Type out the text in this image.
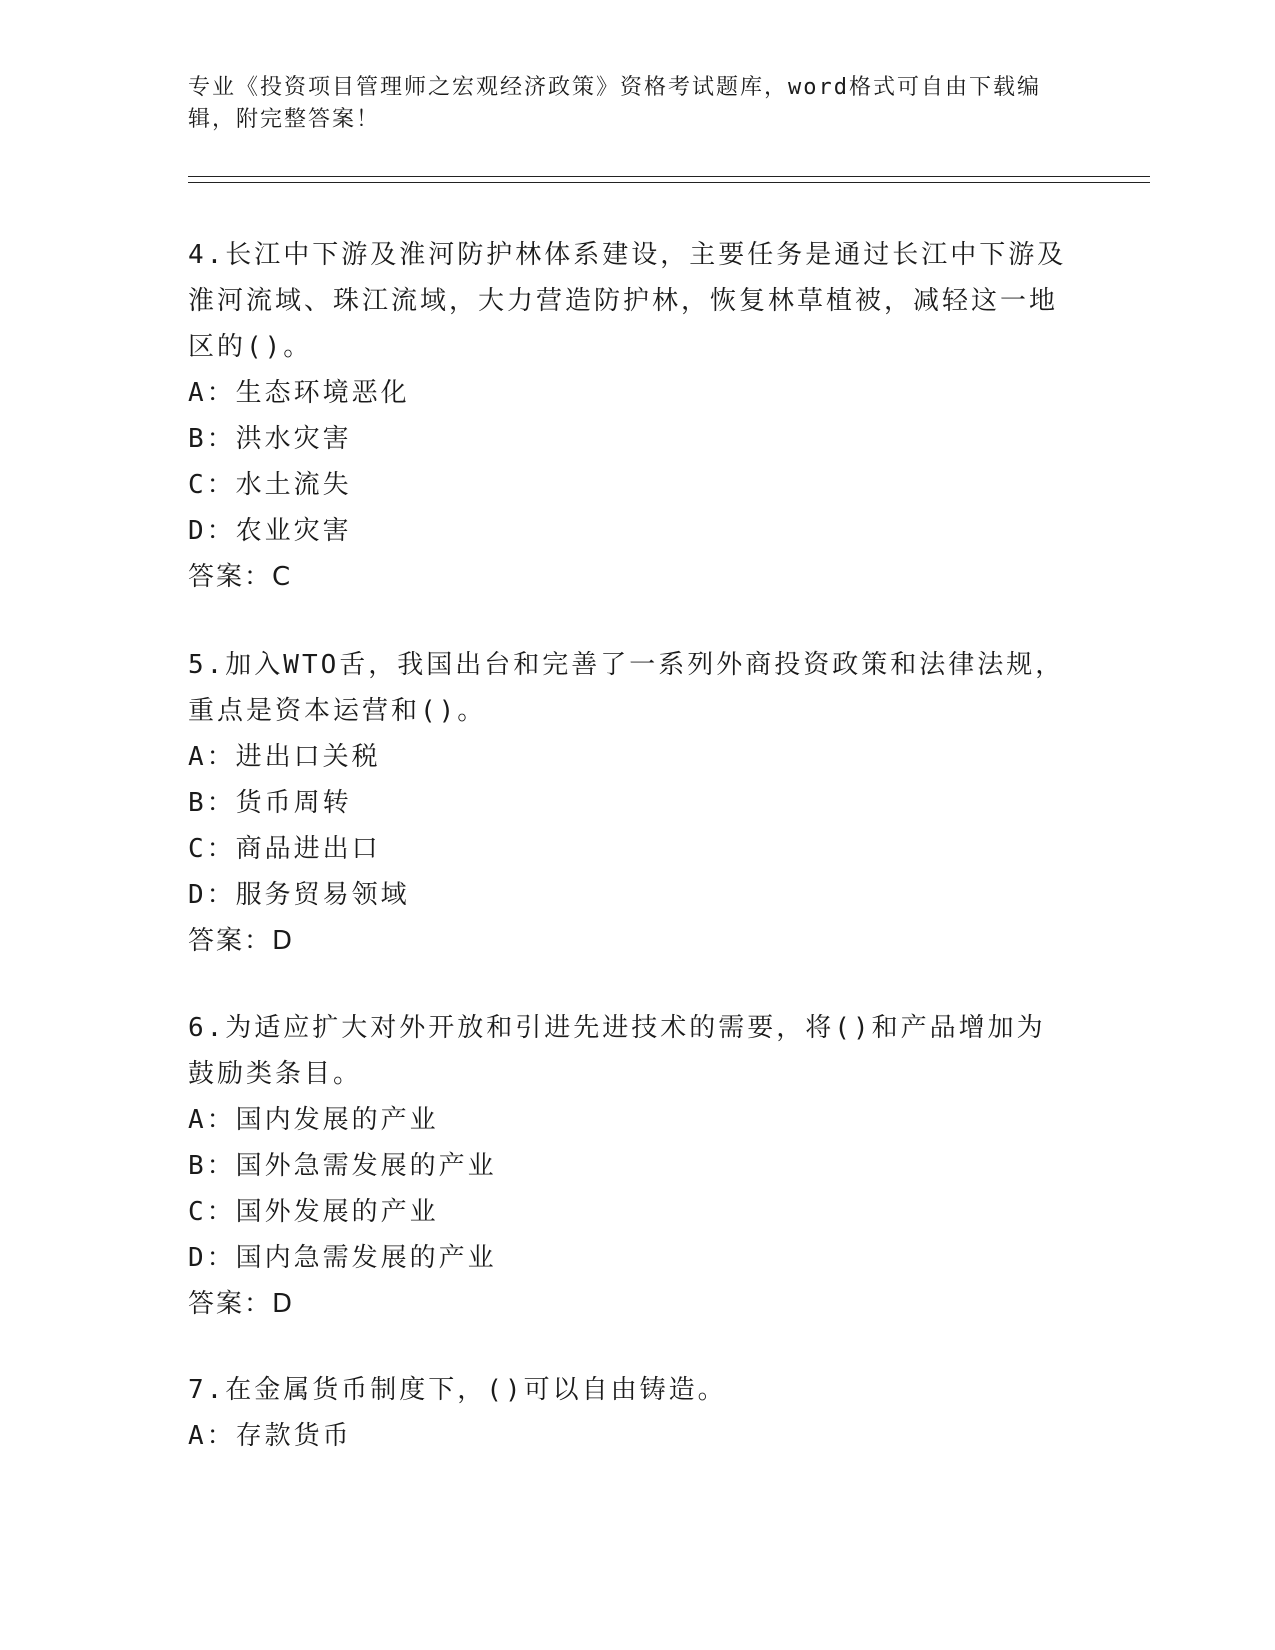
专业《投资项目管理师之宏观经济政策》资格考试题库，word格式可自由下载编辑，附完整答案！

4.长江中下游及淮河防护林体系建设，主要任务是通过长江中下游及淮河流域、珠江流域，大力营造防护林，恢复林草植被，减轻这一地区的()。

A：生态环境恶化

B：洪水灾害

C：水土流失

D：农业灾害

答案：C

5.加入WTO舌，我国出台和完善了一系列外商投资政策和法律法规，重点是资本运营和()。

A：进出口关税

B：货币周转

C：商品进出口

D：服务贸易领域

答案：D

6.为适应扩大对外开放和引进先进技术的需要，将()和产品增加为鼓励类条目。

A：国内发展的产业

B：国外急需发展的产业

C：国外发展的产业

D：国内急需发展的产业

答案：D

7.在金属货币制度下，()可以自由铸造。

A：存款货币
